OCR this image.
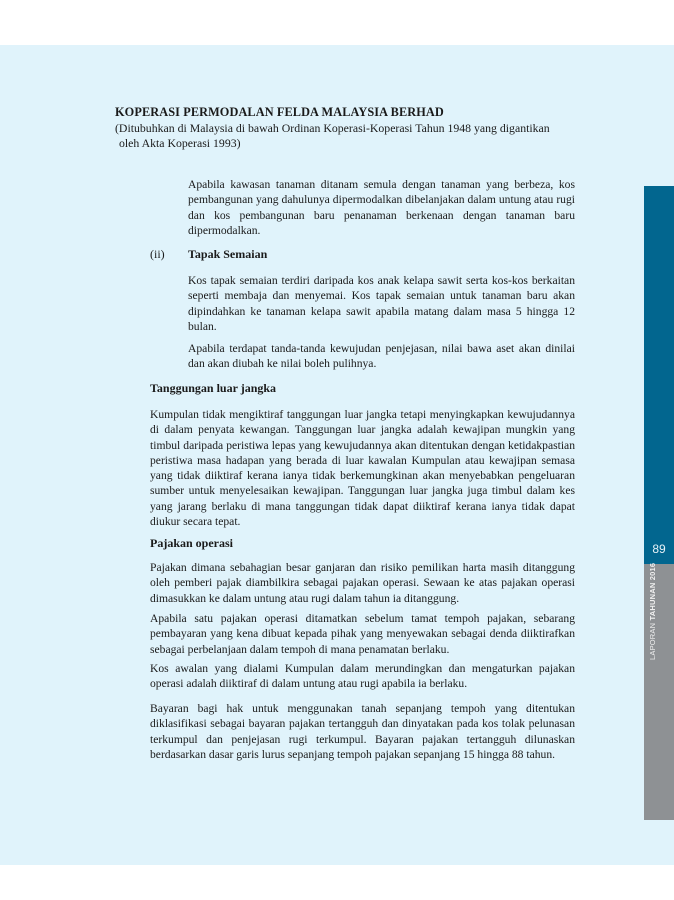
KOPERASI PERMODALAN FELDA MALAYSIA BERHAD
(Ditubuhkan di Malaysia di bawah Ordinan Koperasi-Koperasi Tahun 1948 yang digantikan
oleh Akta Koperasi 1993)
Apabila kawasan tanaman ditanam semula dengan tanaman yang berbeza, kos pembangunan yang dahulunya dipermodalkan dibelanjakan dalam untung atau rugi dan kos pembangunan baru penanaman berkenaan dengan tanaman baru dipermodalkan.
(ii) Tapak Semaian
Kos tapak semaian terdiri daripada kos anak kelapa sawit serta kos-kos berkaitan seperti membaja dan menyemai. Kos tapak semaian untuk tanaman baru akan dipindahkan ke tanaman kelapa sawit apabila matang dalam masa 5 hingga 12 bulan.
Apabila terdapat tanda-tanda kewujudan penjejasan, nilai bawa aset akan dinilai dan akan diubah ke nilai boleh pulihnya.
Tanggungan luar jangka
Kumpulan tidak mengiktiraf tanggungan luar jangka tetapi menyingkapkan kewujudannya di dalam penyata kewangan. Tanggungan luar jangka adalah kewajipan mungkin yang timbul daripada peristiwa lepas yang kewujudannya akan ditentukan dengan ketidakpastian peristiwa masa hadapan yang berada di luar kawalan Kumpulan atau kewajipan semasa yang tidak diiktiraf kerana ianya tidak berkemungkinan akan menyebabkan pengeluaran sumber untuk menyelesaikan kewajipan. Tanggungan luar jangka juga timbul dalam kes yang jarang berlaku di mana tanggungan tidak dapat diiktiraf kerana ianya tidak dapat diukur secara tepat.
Pajakan operasi
Pajakan dimana sebahagian besar ganjaran dan risiko pemilikan harta masih ditanggung oleh pemberi pajak diambilkira sebagai pajakan operasi. Sewaan ke atas pajakan operasi dimasukkan ke dalam untung atau rugi dalam tahun ia ditanggung.
Apabila satu pajakan operasi ditamatkan sebelum tamat tempoh pajakan, sebarang pembayaran yang kena dibuat kepada pihak yang menyewakan sebagai denda diiktirafkan sebagai perbelanjaan dalam tempoh di mana penamatan berlaku.
Kos awalan yang dialami Kumpulan dalam merundingkan dan mengaturkan pajakan operasi adalah diiktiraf di dalam untung atau rugi apabila ia berlaku.
Bayaran bagi hak untuk menggunakan tanah sepanjang tempoh yang ditentukan diklasifikasi sebagai bayaran pajakan tertangguh dan dinyatakan pada kos tolak pelunasan terkumpul dan penjejasan rugi terkumpul. Bayaran pajakan tertangguh dilunaskan berdasarkan dasar garis lurus sepanjang tempoh pajakan sepanjang 15 hingga 88 tahun.
89
LAPORAN TAHUNAN 2016
